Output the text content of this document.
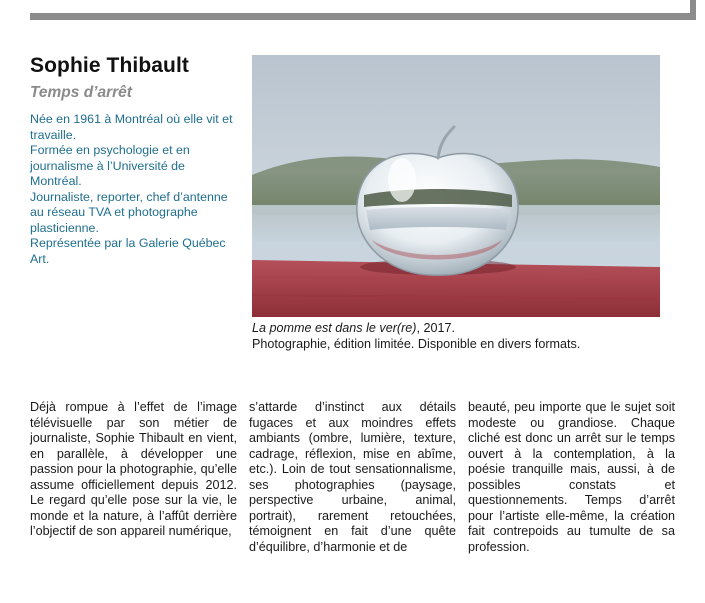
Sophie Thibault
Temps d’arrêt

Née en 1961 à Montréal où elle vit et travaille.

Formée en psychologie et en journalisme à l’Université de Montréal.

Journaliste, reporter, chef d’antenne au réseau TVA et photographe plasticienne.

Représentée par la Galerie Québec Art.

La pomme est dans le ver(re), 2017.
Photographie, édition limitée. Disponible en divers formats.

Déjà rompue à l’effet de l’image télévisuelle par son métier de journaliste, Sophie Thibault en vient, en parallèle, à développer une passion pour la photographie, qu’elle assume officiellement depuis 2012. Le regard qu’elle pose sur la vie, le monde et la nature, à l’affût derrière l’objectif de son appareil numérique,

s’attarde d’instinct aux détails fugaces et aux moindres effets ambiants (ombre, lumière, texture, cadrage, réflexion, mise en abîme, etc.). Loin de tout sensationnalisme, ses photographies (paysage, perspective urbaine, animal, portrait), rarement retouchées, témoignent en fait d’une quête d’équilibre, d’harmonie et de

beauté, peu importe que le sujet soit modeste ou grandiose. Chaque cliché est donc un arrêt sur le temps ouvert à la contemplation, à la poésie tranquille mais, aussi, à de possibles constats et questionnements. Temps d’arrêt pour l’artiste elle-même, la création fait contrepoids au tumulte de sa profession.
